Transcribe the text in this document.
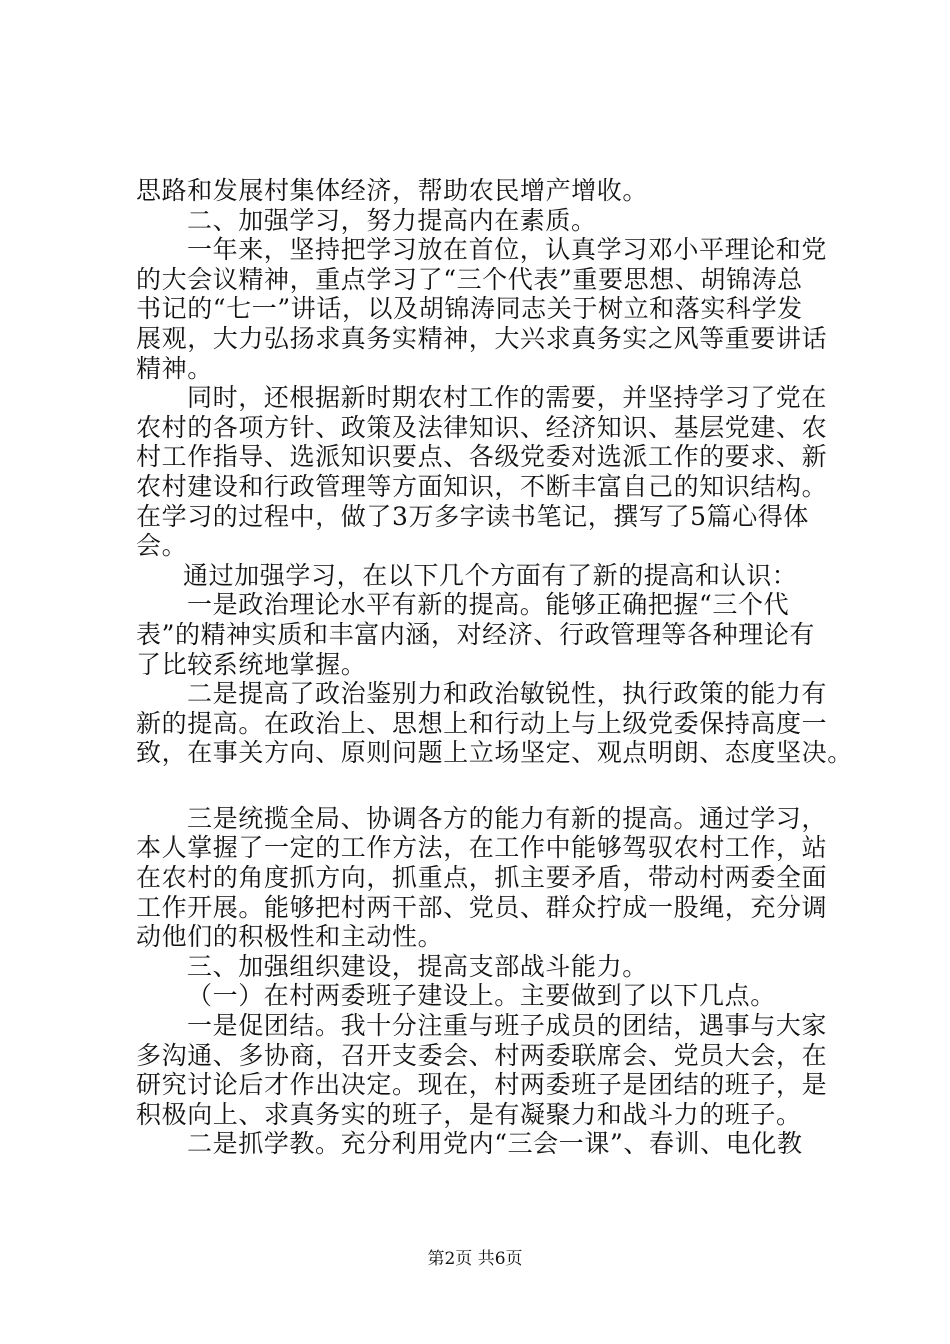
思路和发展村集体经济，帮助农民增产增收。
二、加强学习，努力提高内在素质。
一年来，坚持把学习放在首位，认真学习邓小平理论和党
的大会议精神，重点学习了“三个代表”重要思想、胡锦涛总
书记的“七一”讲话，以及胡锦涛同志关于树立和落实科学发
展观，大力弘扬求真务实精神，大兴求真务实之风等重要讲话
精神。
同时，还根据新时期农村工作的需要，并坚持学习了党在
农村的各项方针、政策及法律知识、经济知识、基层党建、农
村工作指导、选派知识要点、各级党委对选派工作的要求、新
农村建设和行政管理等方面知识，不断丰富自己的知识结构。
在学习的过程中，做了3万多字读书笔记，撰写了5篇心得体
会。
通过加强学习，在以下几个方面有了新的提高和认识：
一是政治理论水平有新的提高。能够正确把握“三个代
表”的精神实质和丰富内涵，对经济、行政管理等各种理论有
了比较系统地掌握。
二是提高了政治鉴别力和政治敏锐性，执行政策的能力有
新的提高。在政治上、思想上和行动上与上级党委保持高度一
致，在事关方向、原则问题上立场坚定、观点明朗、态度坚决。
三是统揽全局、协调各方的能力有新的提高。通过学习，
本人掌握了一定的工作方法，在工作中能够驾驭农村工作，站
在农村的角度抓方向，抓重点，抓主要矛盾，带动村两委全面
工作开展。能够把村两干部、党员、群众拧成一股绳，充分调
动他们的积极性和主动性。
三、加强组织建设，提高支部战斗能力。
（一）在村两委班子建设上。主要做到了以下几点。
一是促团结。我十分注重与班子成员的团结，遇事与大家
多沟通、多协商，召开支委会、村两委联席会、党员大会，在
研究讨论后才作出决定。现在，村两委班子是团结的班子，是
积极向上、求真务实的班子，是有凝聚力和战斗力的班子。
二是抓学教。充分利用党内“三会一课”、春训、电化教
第2页 共6页
